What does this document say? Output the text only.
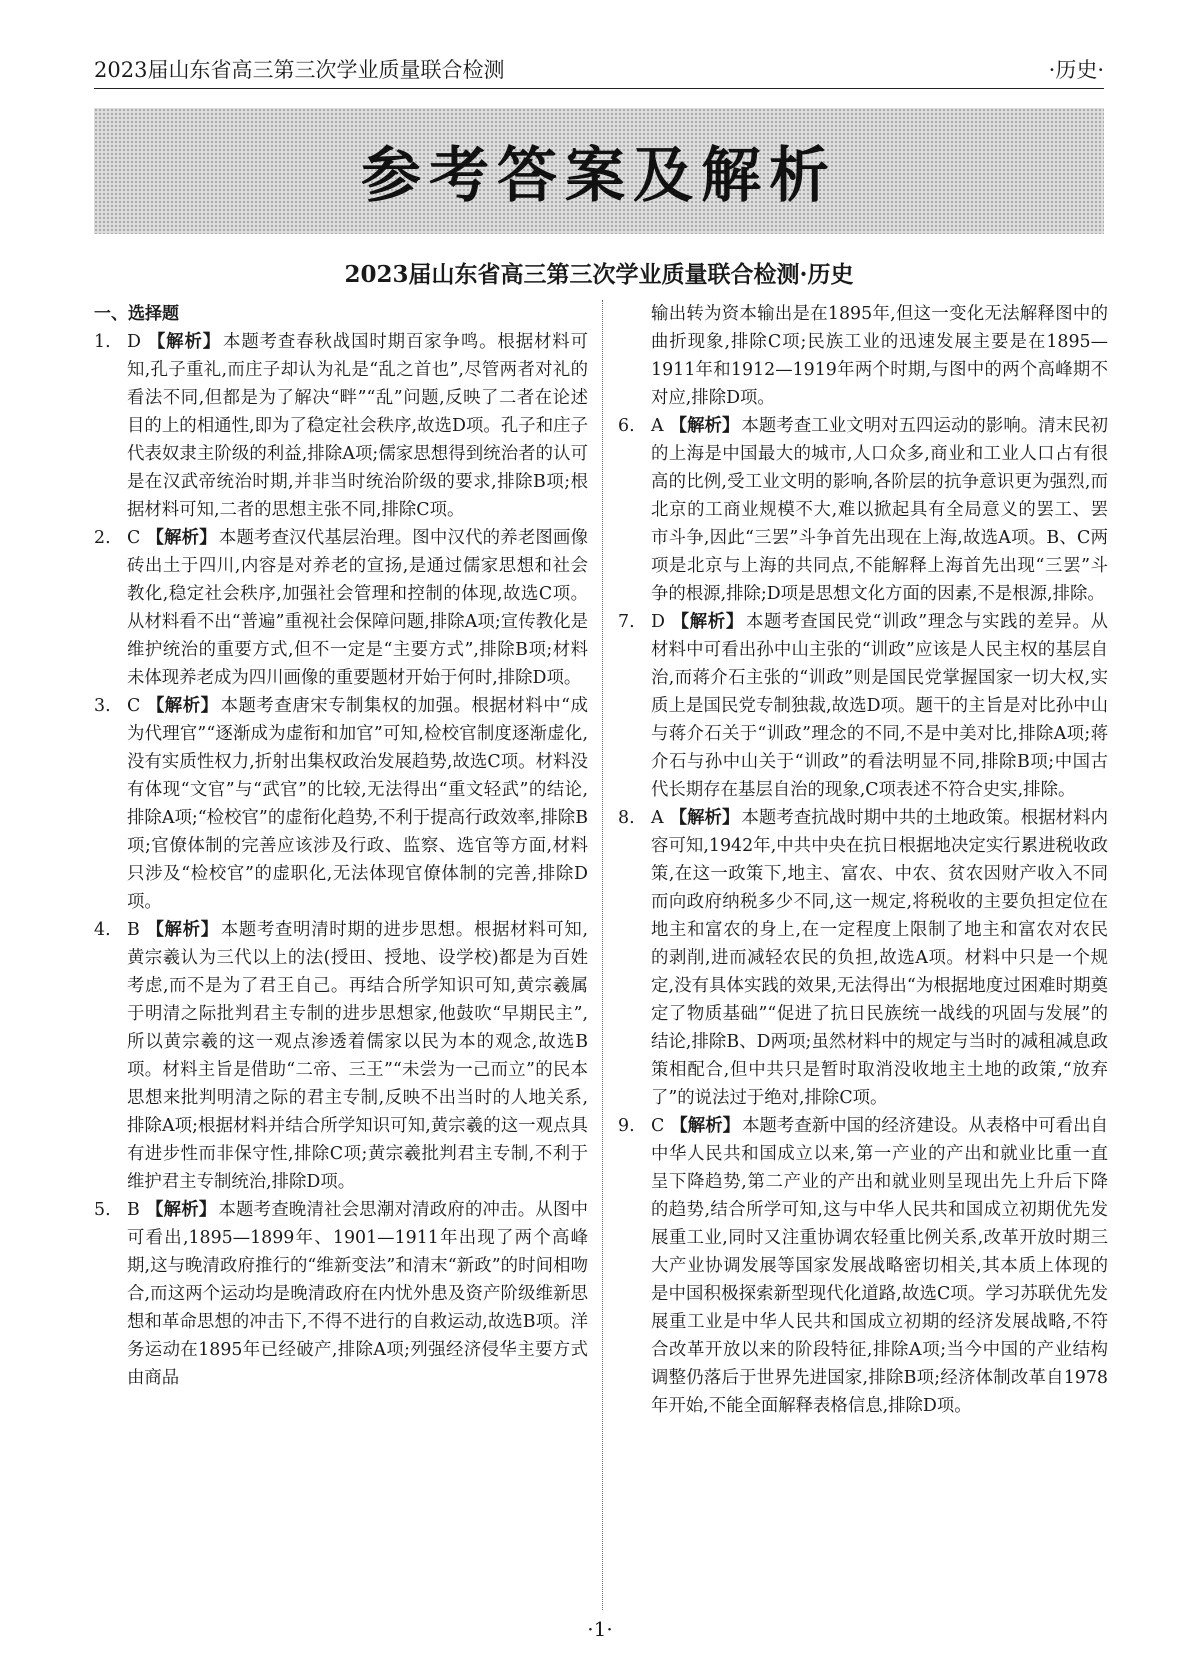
2023届山东省高三第三次学业质量联合检测	·历史·
参考答案及解析
2023届山东省高三第三次学业质量联合检测·历史
一、选择题
1. D 【解析】 本题考查春秋战国时期百家争鸣。根据材料可知,孔子重礼,而庄子却认为礼是“乱之首也”,尽管两者对礼的看法不同,但都是为了解决“畔”“乱”问题,反映了二者在论述目的上的相通性,即为了稳定社会秩序,故选D项。孔子和庄子代表奴隶主阶级的利益,排除A项;儒家思想得到统治者的认可是在汉武帝统治时期,并非当时统治阶级的要求,排除B项;根据材料可知,二者的思想主张不同,排除C项。
2. C 【解析】 本题考查汉代基层治理。图中汉代的养老图画像砖出土于四川,内容是对养老的宣扬,是通过儒家思想和社会教化,稳定社会秩序,加强社会管理和控制的体现,故选C项。从材料看不出“普遍”重视社会保障问题,排除A项;宣传教化是维护统治的重要方式,但不一定是“主要方式”,排除B项;材料未体现养老成为四川画像的重要题材开始于何时,排除D项。
3. C 【解析】 本题考查唐宋专制集权的加强。根据材料中“成为代理官”“逐渐成为虚衔和加官”可知,检校官制度逐渐虚化,没有实质性权力,折射出集权政治发展趋势,故选C项。材料没有体现“文官”与“武官”的比较,无法得出“重文轻武”的结论,排除A项;“检校官”的虚衔化趋势,不利于提高行政效率,排除B项;官僚体制的完善应该涉及行政、监察、选官等方面,材料只涉及“检校官”的虚职化,无法体现官僚体制的完善,排除D项。
4. B 【解析】 本题考查明清时期的进步思想。根据材料可知,黄宗羲认为三代以上的法(授田、授地、设学校)都是为百姓考虑,而不是为了君王自己。再结合所学知识可知,黄宗羲属于明清之际批判君主专制的进步思想家,他鼓吹“早期民主”,所以黄宗羲的这一观点渗透着儒家以民为本的观念,故选B项。材料主旨是借助“二帝、三王”“未尝为一己而立”的民本思想来批判明清之际的君主专制,反映不出当时的人地关系,排除A项;根据材料并结合所学知识可知,黄宗羲的这一观点具有进步性而非保守性,排除C项;黄宗羲批判君主专制,不利于维护君主专制统治,排除D项。
5. B 【解析】 本题考查晚清社会思潮对清政府的冲击。从图中可看出,1895—1899年、1901—1911年出现了两个高峰期,这与晚清政府推行的“维新变法”和清末“新政”的时间相吻合,而这两个运动均是晚清政府在内忧外患及资产阶级维新思想和革命思想的冲击下,不得不进行的自救运动,故选B项。洋务运动在1895年已经破产,排除A项;列强经济侵华主要方式由商品
输出转为资本输出是在1895年,但这一变化无法解释图中的曲折现象,排除C项;民族工业的迅速发展主要是在1895—1911年和1912—1919年两个时期,与图中的两个高峰期不对应,排除D项。
6. A 【解析】 本题考查工业文明对五四运动的影响。清末民初的上海是中国最大的城市,人口众多,商业和工业人口占有很高的比例,受工业文明的影响,各阶层的抗争意识更为强烈,而北京的工商业规模不大,难以掀起具有全局意义的罢工、罢市斗争,因此“三罢”斗争首先出现在上海,故选A项。B、C两项是北京与上海的共同点,不能解释上海首先出现“三罢”斗争的根源,排除;D项是思想文化方面的因素,不是根源,排除。
7. D 【解析】 本题考查国民党“训政”理念与实践的差异。从材料中可看出孙中山主张的“训政”应该是人民主权的基层自治,而蒋介石主张的“训政”则是国民党掌握国家一切大权,实质上是国民党专制独裁,故选D项。题干的主旨是对比孙中山与蒋介石关于“训政”理念的不同,不是中美对比,排除A项;蒋介石与孙中山关于“训政”的看法明显不同,排除B项;中国古代长期存在基层自治的现象,C项表述不符合史实,排除。
8. A 【解析】 本题考查抗战时期中共的土地政策。根据材料内容可知,1942年,中共中央在抗日根据地决定实行累进税收政策,在这一政策下,地主、富农、中农、贫农因财产收入不同而向政府纳税多少不同,这一规定,将税收的主要负担定位在地主和富农的身上,在一定程度上限制了地主和富农对农民的剥削,进而减轻农民的负担,故选A项。材料中只是一个规定,没有具体实践的效果,无法得出“为根据地度过困难时期奠定了物质基础”“促进了抗日民族统一战线的巩固与发展”的结论,排除B、D两项;虽然材料中的规定与当时的减租减息政策相配合,但中共只是暂时取消没收地主土地的政策,“放弃了”的说法过于绝对,排除C项。
9. C 【解析】 本题考查新中国的经济建设。从表格中可看出自中华人民共和国成立以来,第一产业的产出和就业比重一直呈下降趋势,第二产业的产出和就业则呈现出先上升后下降的趋势,结合所学可知,这与中华人民共和国成立初期优先发展重工业,同时又注重协调农轻重比例关系,改革开放时期三大产业协调发展等国家发展战略密切相关,其本质上体现的是中国积极探索新型现代化道路,故选C项。学习苏联优先发展重工业是中华人民共和国成立初期的经济发展战略,不符合改革开放以来的阶段特征,排除A项;当今中国的产业结构调整仍落后于世界先进国家,排除B项;经济体制改革自1978年开始,不能全面解释表格信息,排除D项。
·1·
